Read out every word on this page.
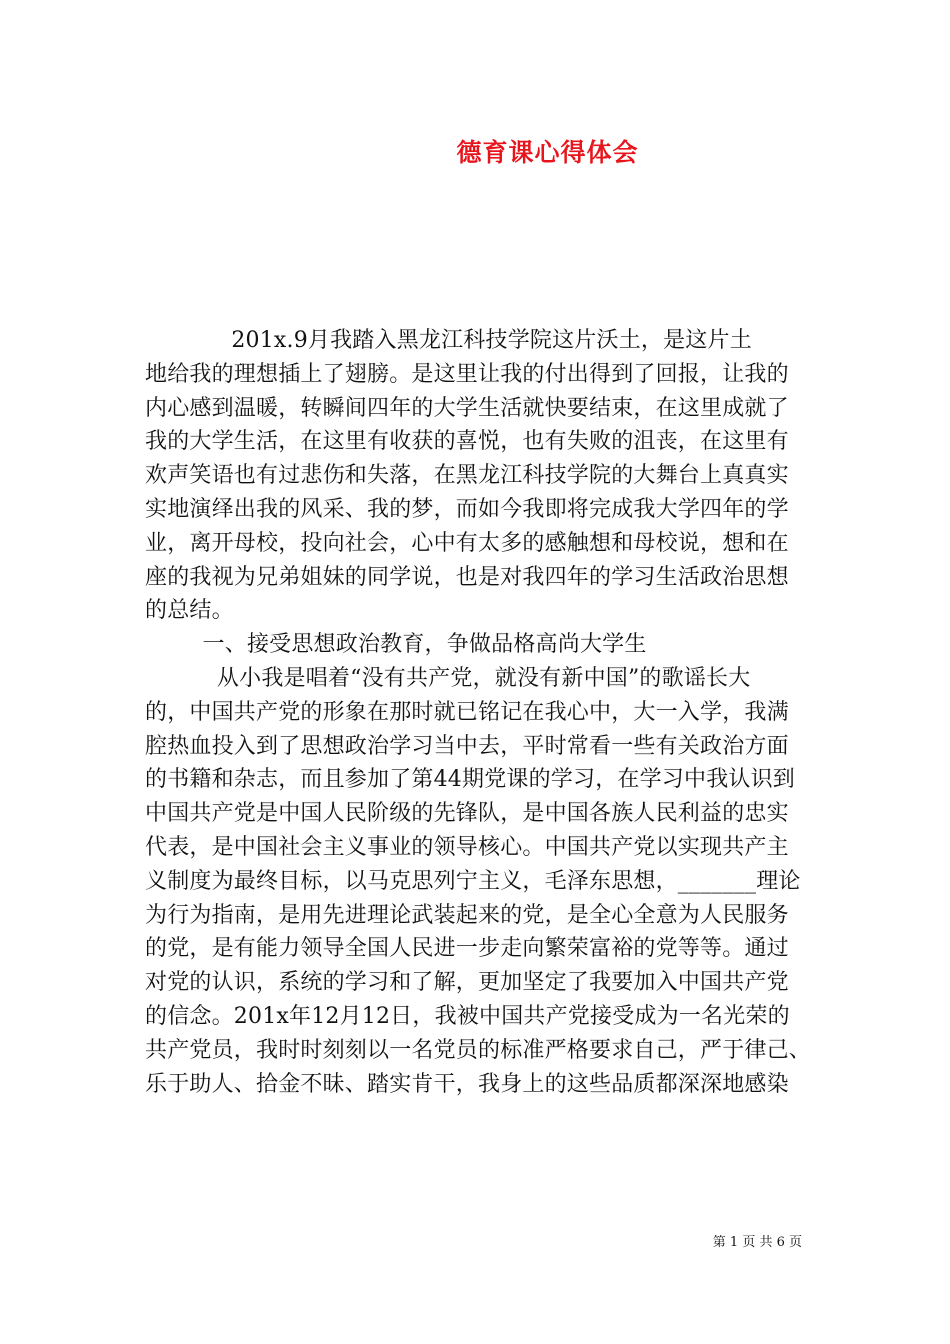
德育课心得体会
201x.9月我踏入黑龙江科技学院这片沃土，是这片土
地给我的理想插上了翅膀。是这里让我的付出得到了回报，让我的
内心感到温暖，转瞬间四年的大学生活就快要结束，在这里成就了
我的大学生活，在这里有收获的喜悦，也有失败的沮丧，在这里有
欢声笑语也有过悲伤和失落，在黑龙江科技学院的大舞台上真真实
实地演绎出我的风采、我的梦，而如今我即将完成我大学四年的学
业，离开母校，投向社会，心中有太多的感触想和母校说，想和在
座的我视为兄弟姐妹的同学说，也是对我四年的学习生活政治思想
的总结。
一、接受思想政治教育，争做品格高尚大学生
从小我是唱着“没有共产党，就没有新中国”的歌谣长大
的，中国共产党的形象在那时就已铭记在我心中，大一入学，我满
腔热血投入到了思想政治学习当中去，平时常看一些有关政治方面
的书籍和杂志，而且参加了第44期党课的学习，在学习中我认识到
中国共产党是中国人民阶级的先锋队，是中国各族人民利益的忠实
代表，是中国社会主义事业的领导核心。中国共产党以实现共产主
义制度为最终目标，以马克思列宁主义，毛泽东思想，_______理论
为行为指南，是用先进理论武装起来的党，是全心全意为人民服务
的党，是有能力领导全国人民进一步走向繁荣富裕的党等等。通过
对党的认识，系统的学习和了解，更加坚定了我要加入中国共产党
的信念。201x年12月12日，我被中国共产党接受成为一名光荣的
共产党员，我时时刻刻以一名党员的标准严格要求自己，严于律己、
乐于助人、拾金不昧、踏实肯干，我身上的这些品质都深深地感染
第 1 页 共 6 页
